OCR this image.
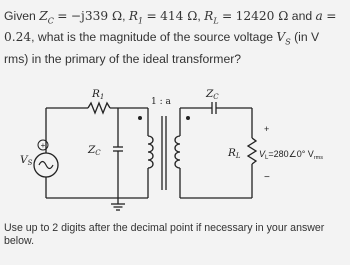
Given $Z_C = -j339$ Ω, $R_1 = 414$ Ω, $R_L = 12420$ Ω and a = 0.24, what is the magnitude of the source voltage $V_S$ (in V rms) in the primary of the ideal transformer?

+
VS
R1
ZC
1 : a
ZC
RL
+
−
$V_L=280\angle 0^\circ$ $V_{rms}$
Use up to 2 digits after the decimal point if necessary in your answer below.
